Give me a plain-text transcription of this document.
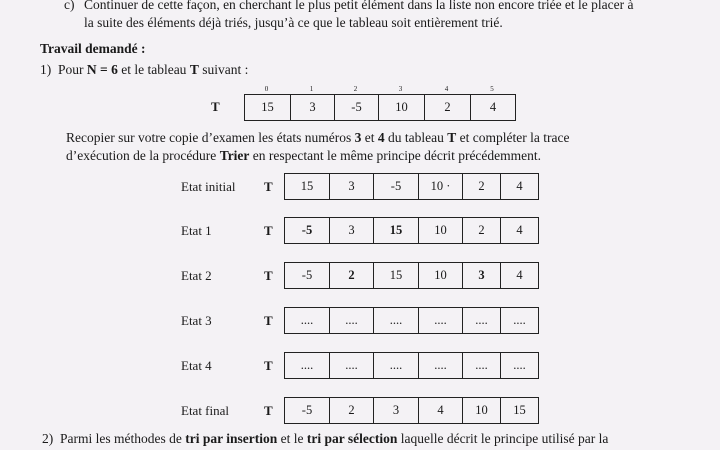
c) Continuer de cette façon, en cherchant le plus petit élément dans la liste non encore triée et le placer à
la suite des éléments déjà triés, jusqu’à ce que le tableau soit entièrement trié.
Travail demandé :
1) Pour N = 6 et le tableau T suivant :
0	1	2	3	4	5
T	15	3	-5	10	2	4
Recopier sur votre copie d’examen les états numéros 3 et 4 du tableau T et compléter la trace
d’exécution de la procédure Trier en respectant le même principe décrit précédemment.
Etat initial T 15	3	-5	10 ·	2	4
Etat 1	T -5	3	15	10	2	4
Etat 2	T -5	2	15	10	3	4
Etat 3	T ....	....	....	....	....	....
Etat 4	T ....	....	....	....	....	....
Etat final	T -5	2	3	4	10	15
2) Parmi les méthodes de tri par insertion et le tri par sélection laquelle décrit le principe utilisé par la
